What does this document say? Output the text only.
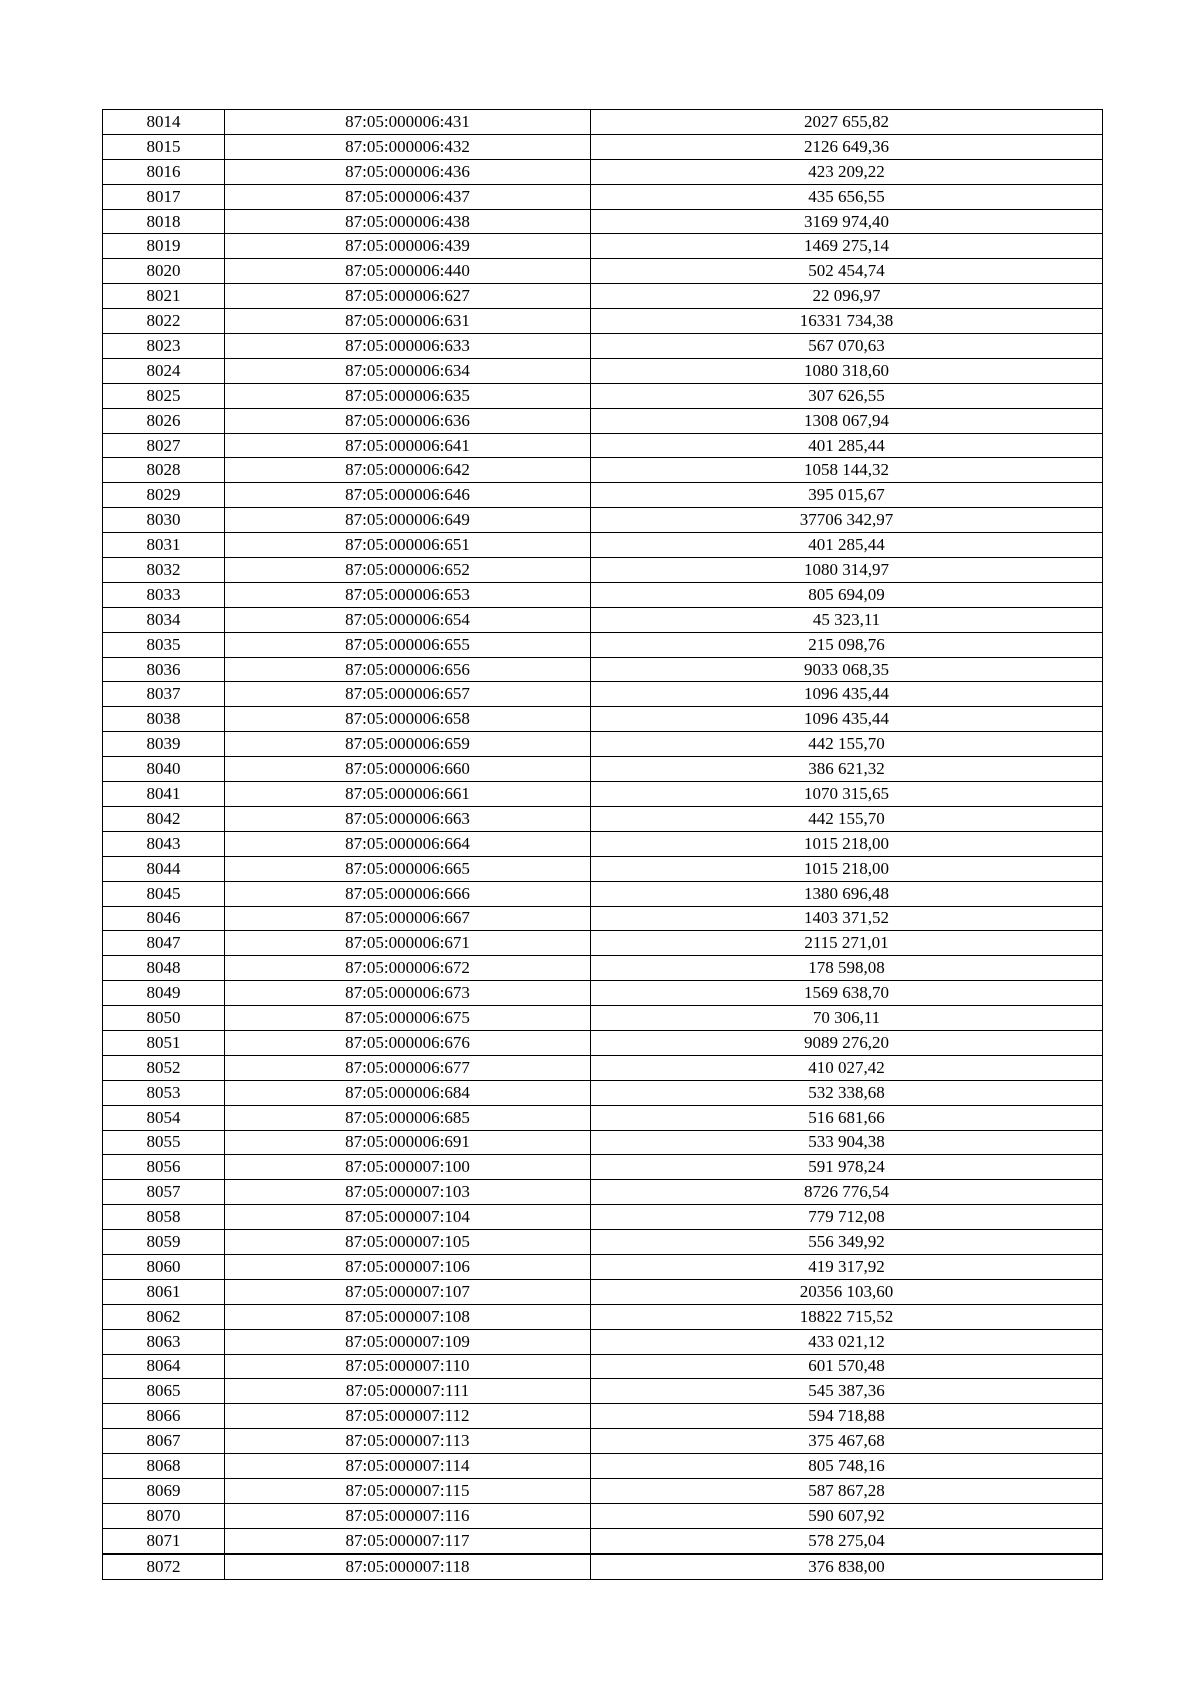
8014	87:05:000006:431	2027 655,82
8015	87:05:000006:432	2126 649,36
8016	87:05:000006:436	423 209,22
8017	87:05:000006:437	435 656,55
8018	87:05:000006:438	3169 974,40
8019	87:05:000006:439	1469 275,14
8020	87:05:000006:440	502 454,74
8021	87:05:000006:627	22 096,97
8022	87:05:000006:631	16331 734,38
8023	87:05:000006:633	567 070,63
8024	87:05:000006:634	1080 318,60
8025	87:05:000006:635	307 626,55
8026	87:05:000006:636	1308 067,94
8027	87:05:000006:641	401 285,44
8028	87:05:000006:642	1058 144,32
8029	87:05:000006:646	395 015,67
8030	87:05:000006:649	37706 342,97
8031	87:05:000006:651	401 285,44
8032	87:05:000006:652	1080 314,97
8033	87:05:000006:653	805 694,09
8034	87:05:000006:654	45 323,11
8035	87:05:000006:655	215 098,76
8036	87:05:000006:656	9033 068,35
8037	87:05:000006:657	1096 435,44
8038	87:05:000006:658	1096 435,44
8039	87:05:000006:659	442 155,70
8040	87:05:000006:660	386 621,32
8041	87:05:000006:661	1070 315,65
8042	87:05:000006:663	442 155,70
8043	87:05:000006:664	1015 218,00
8044	87:05:000006:665	1015 218,00
8045	87:05:000006:666	1380 696,48
8046	87:05:000006:667	1403 371,52
8047	87:05:000006:671	2115 271,01
8048	87:05:000006:672	178 598,08
8049	87:05:000006:673	1569 638,70
8050	87:05:000006:675	70 306,11
8051	87:05:000006:676	9089 276,20
8052	87:05:000006:677	410 027,42
8053	87:05:000006:684	532 338,68
8054	87:05:000006:685	516 681,66
8055	87:05:000006:691	533 904,38
8056	87:05:000007:100	591 978,24
8057	87:05:000007:103	8726 776,54
8058	87:05:000007:104	779 712,08
8059	87:05:000007:105	556 349,92
8060	87:05:000007:106	419 317,92
8061	87:05:000007:107	20356 103,60
8062	87:05:000007:108	18822 715,52
8063	87:05:000007:109	433 021,12
8064	87:05:000007:110	601 570,48
8065	87:05:000007:111	545 387,36
8066	87:05:000007:112	594 718,88
8067	87:05:000007:113	375 467,68
8068	87:05:000007:114	805 748,16
8069	87:05:000007:115	587 867,28
8070	87:05:000007:116	590 607,92
8071	87:05:000007:117	578 275,04
8072	87:05:000007:118	376 838,00
